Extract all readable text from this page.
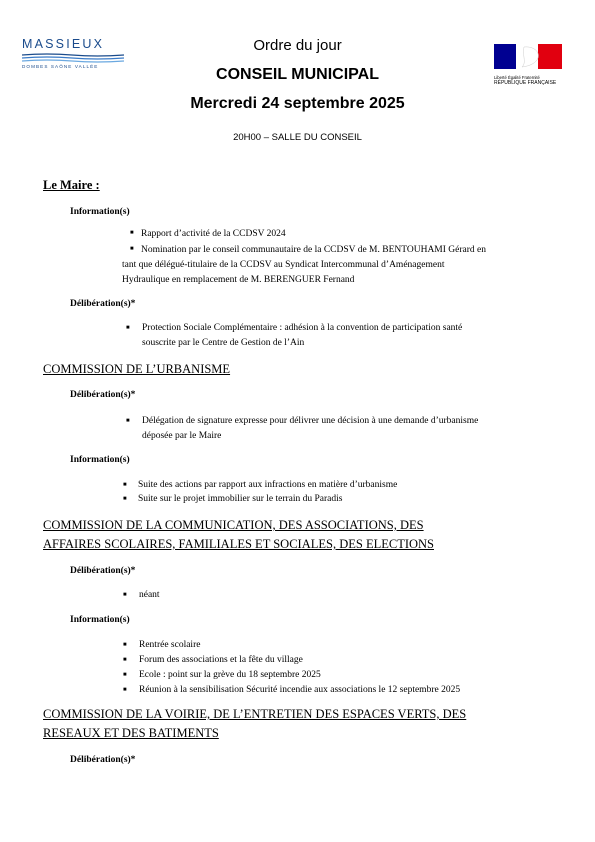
MASSIEUX
DOMBES SAÔNE VALLÉE
Liberté Égalité Fraternité
RÉPUBLIQUE FRANÇAISE
Ordre du jour
CONSEIL MUNICIPAL
Mercredi 24 septembre 2025
20H00 – SALLE DU CONSEIL
Le Maire :
Information(s)
■ Rapport d’activité de la CCDSV 2024
■ Nomination par le conseil communautaire de la CCDSV de M. BENTOUHAMI Gérard en
tant que délégué-titulaire de la CCDSV au Syndicat Intercommunal d’Aménagement
Hydraulique en remplacement de M. BERENGUER Fernand
Délibération(s)*
■ Protection Sociale Complémentaire : adhésion à la convention de participation santé
souscrite par le Centre de Gestion de l’Ain
COMMISSION DE L’URBANISME
Délibération(s)*
■ Délégation de signature expresse pour délivrer une décision à une demande d’urbanisme
déposée par le Maire
Information(s)
■ Suite des actions par rapport aux infractions en matière d’urbanisme
■ Suite sur le projet immobilier sur le terrain du Paradis
COMMISSION DE LA COMMUNICATION, DES ASSOCIATIONS, DES
AFFAIRES SCOLAIRES, FAMILIALES ET SOCIALES, DES ELECTIONS
Délibération(s)*
■ néant
Information(s)
■ Rentrée scolaire
■ Forum des associations et la fête du village
■ Ecole : point sur la grève du 18 septembre 2025
■ Réunion à la sensibilisation Sécurité incendie aux associations le 12 septembre 2025
COMMISSION DE LA VOIRIE, DE L’ENTRETIEN DES ESPACES VERTS, DES
RESEAUX ET DES BATIMENTS
Délibération(s)*
